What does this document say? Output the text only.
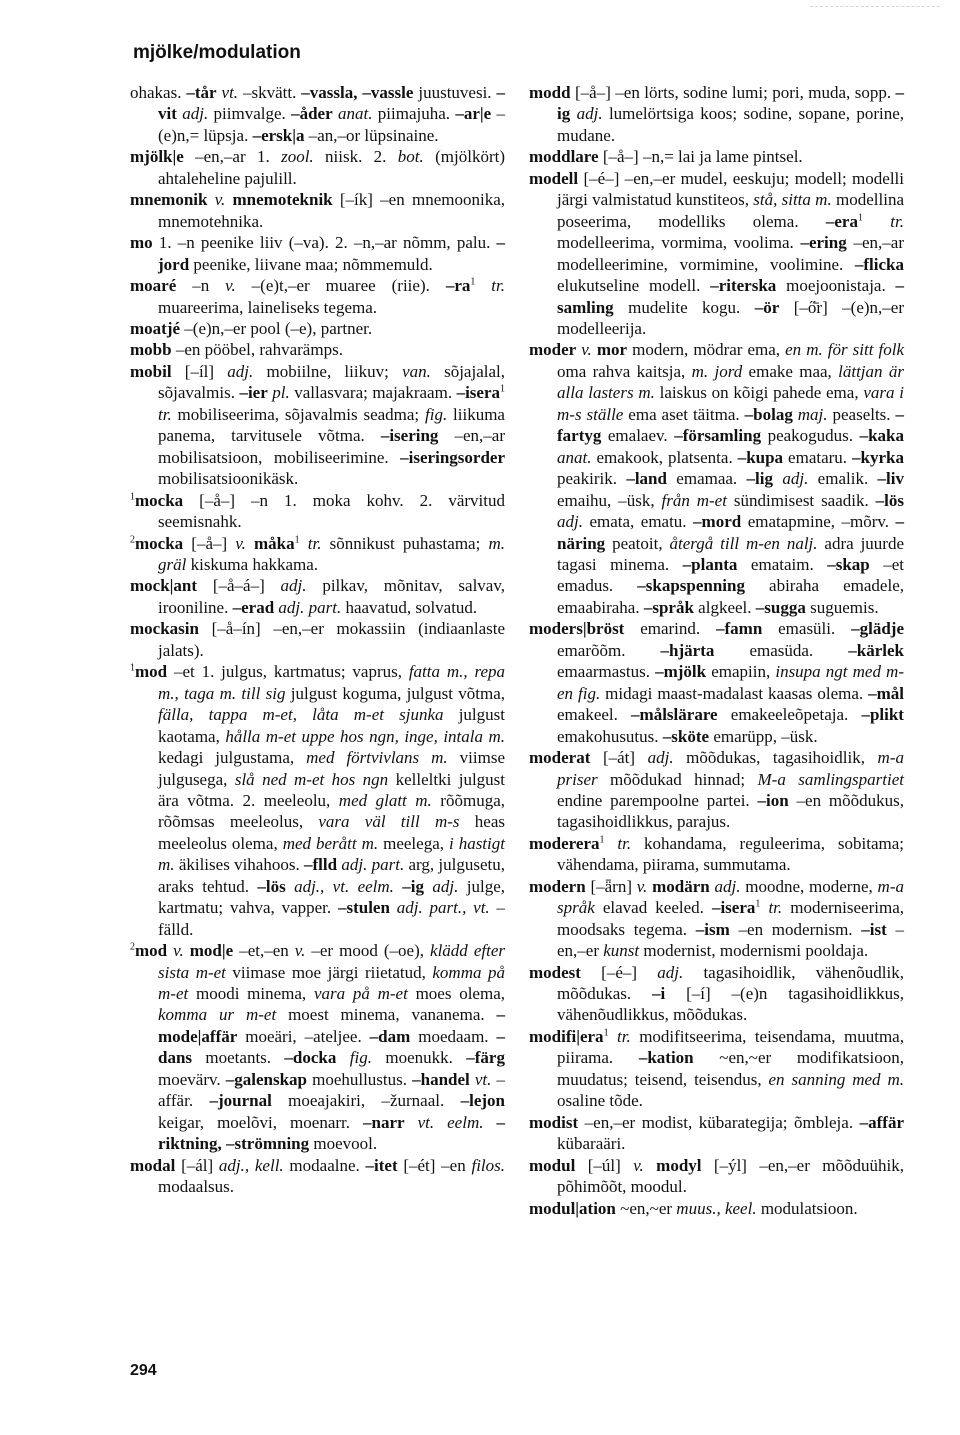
mjölke/modulation

ohakas. –tår vt. –skvätt. –vassla, –vassle juustuvesi. –vit adj. piimvalge. –åder anat. piimajuha. –ar|e –(e)n,= lüpsja. –ersk|a –an,–or lüpsinaine.

mjölk|e –en,–ar 1. zool. niisk. 2. bot. (mjölkört) ahtaleheline pajulill.

mnemonik v. mnemoteknik [–ík] –en mnemoonika, mnemotehnika.

mo 1. –n peenike liiv (–va). 2. –n,–ar nõmm, palu. –jord peenike, liivane maa; nõmmemuld.

moaré –n v. –(e)t,–er muaree (riie). $-ra^1$ tr. muareerima, laineliseks tegema.

moatjé –(e)n,–er pool (–e), partner.

mobb –en pööbel, rahvarämps.

mobil [–íl] adj. mobiilne, liikuv; van. sõjajalal, sõjavalmis. –ier pl. vallasvara; majakraam. –isera$^1$ tr. mobiliseerima, sõjavalmis seadma; fig. liikuma panema, tarvitusele võtma. –isering –en,–ar mobilisatsioon, mobiliseerimine. –iseringsorder mobilisatsioonikäsk.

$^1$mocka [–å–] –n 1. moka kohv. 2. värvitud seemisnahk.

$^2$mocka [–å–] v. måka$^1$ tr. sõnnikust puhastama; m. gräl kiskuma hakkama.

mock|ant [–å–á–] adj. pilkav, mõnitav, salvav, irooniline. –erad adj. part. haavatud, solvatud.

mockasin [–å–ín] –en,–er mokassiin (indiaanlaste jalats).

$^1$mod –et 1. julgus, kartmatus; vaprus, fatta m., repa m., taga m. till sig julgust koguma, julgust võtma, fälla, tappa m-et, låta m-et sjunka julgust kaotama, hålla m-et uppe hos ngn, inge, intala m. kedagi julgustama, med förtvivlans m. viimse julgusega, slå ned m-et hos ngn kelleltki julgust ära võtma. 2. meeleolu, med glatt m. rõõmuga, rõõmsas meeleolus, vara väl till m-s heas meeleolus olema, med berått m. meelega, i hastigt m. äkilises vihahoos. –flld adj. part. arg, julgusetu, araks tehtud. –lös adj., vt. eelm. –ig adj. julge, kartmatu; vahva, vapper. –stulen adj. part., vt. –fälld.

$^2$mod v. mod|e –et,–en v. –er mood (–oe), klädd efter sista m-et viimase moe järgi riietatud, komma på m-et moodi minema, vara på m-et moes olema, komma ur m-et moest minema, vananema. – mode|affär moeäri, –ateljee. –dam moedaam. –dans moetants. –docka fig. moenukk. –färg moevärv. –galenskap moehullustus. –handel vt. –affär. –journal moeajakiri, –žurnaal. –lejon keigar, moelõvi, moenarr. –narr vt. eelm. –riktning, –strömning moevool.

modal [–ál] adj., kell. modaalne. –itet [–ét] –en filos. modaalsus.

modd [–å–] –en lörts, sodine lumi; pori, muda, sopp. –ig adj. lumelörtsiga koos; sodine, sopane, porine, mudane.

moddlare [–å–] –n,= lai ja lame pintsel.

modell [–é–] –en,–er mudel, eeskuju; modell; modelli järgi valmistatud kunstiteos, stå, sitta m. modellina poseerima, modelliks olema. –era$^1$ tr. modelleerima, vormima, voolima. –ering –en,–ar modelleerimine, vormimine, voolimine. –flicka elukutseline modell. –riterska moejoonistaja. –samling mudelite kogu. –ör [–ő̄r] –(e)n,–er modelleerija.

moder v. mor modern, mödrar ema, en m. för sitt folk oma rahva kaitsja, m. jord emake maa, lättjan är alla lasters m. laiskus on kõigi pahede ema, vara i m-s ställe ema aset täitma. –bolag maj. peaselts. –fartyg emalaev. –församling peakogudus. –kaka anat. emakook, platsenta. –kupa emataru. –kyrka peakirik. –land emamaa. –lig adj. emalik. –liv emaihu, –üsk, från m-et sündimisest saadik. –lös adj. emata, ematu. –mord ematapmine, –mõrv. –näring peatoit, återgå till m-en nalj. adra juurde tagasi minema. –planta emataim. –skap –et emadus. –skapspenning abiraha emadele, emaabiraha. –språk algkeel. –sugga suguemis.

moders|bröst emarind. –famn emasüli. –glädje emarõõm. –hjärta emasüda. –kärlek emaarmastus. –mjölk emapiin, insupa ngt med m-en fig. midagi maast-madalast kaasas olema. –mål emakeel. –målslärare emakeeleõpetaja. –plikt emakohusutus. –sköte emarüpp, –üsk.

moderat [–át] adj. mõõdukas, tagasihoidlik, m-a priser mõõdukad hinnad; M-a samlingspartiet endine parempoolne partei. –ion –en mõõdukus, tagasihoidlikkus, parajus.

moderera$^1$ tr. kohandama, reguleerima, sobitama; vähendama, piirama, summutama.

modern [–ǟrn] v. modärn adj. moodne, moderne, m-a språk elavad keeled. –isera$^1$ tr. moderniseerima, moodsaks tegema. –ism –en modernism. –ist –en,–er kunst modernist, modernismi pooldaja.

modest [–é–] adj. tagasihoidlik, vähenõudlik, mõõdukas. –i [–í] –(e)n tagasihoidlikkus, vähenõudlikkus, mõõdukas.

modifi|era$^1$ tr. modifitseerima, teisendama, muutma, piirama. –kation ~en,~er modifikatsioon, muudatus; teisend, teisendus, en sanning med m. osaline tõde.

modist –en,–er modist, kübarategija; õmbleja. –affär kübaraäri.

modul [–úl] v. modyl [–ýl] –en,–er mõõduühik, põhimõõt, moodul.

modul|ation ~en,~er muus., keel. modulatsioon.

294
